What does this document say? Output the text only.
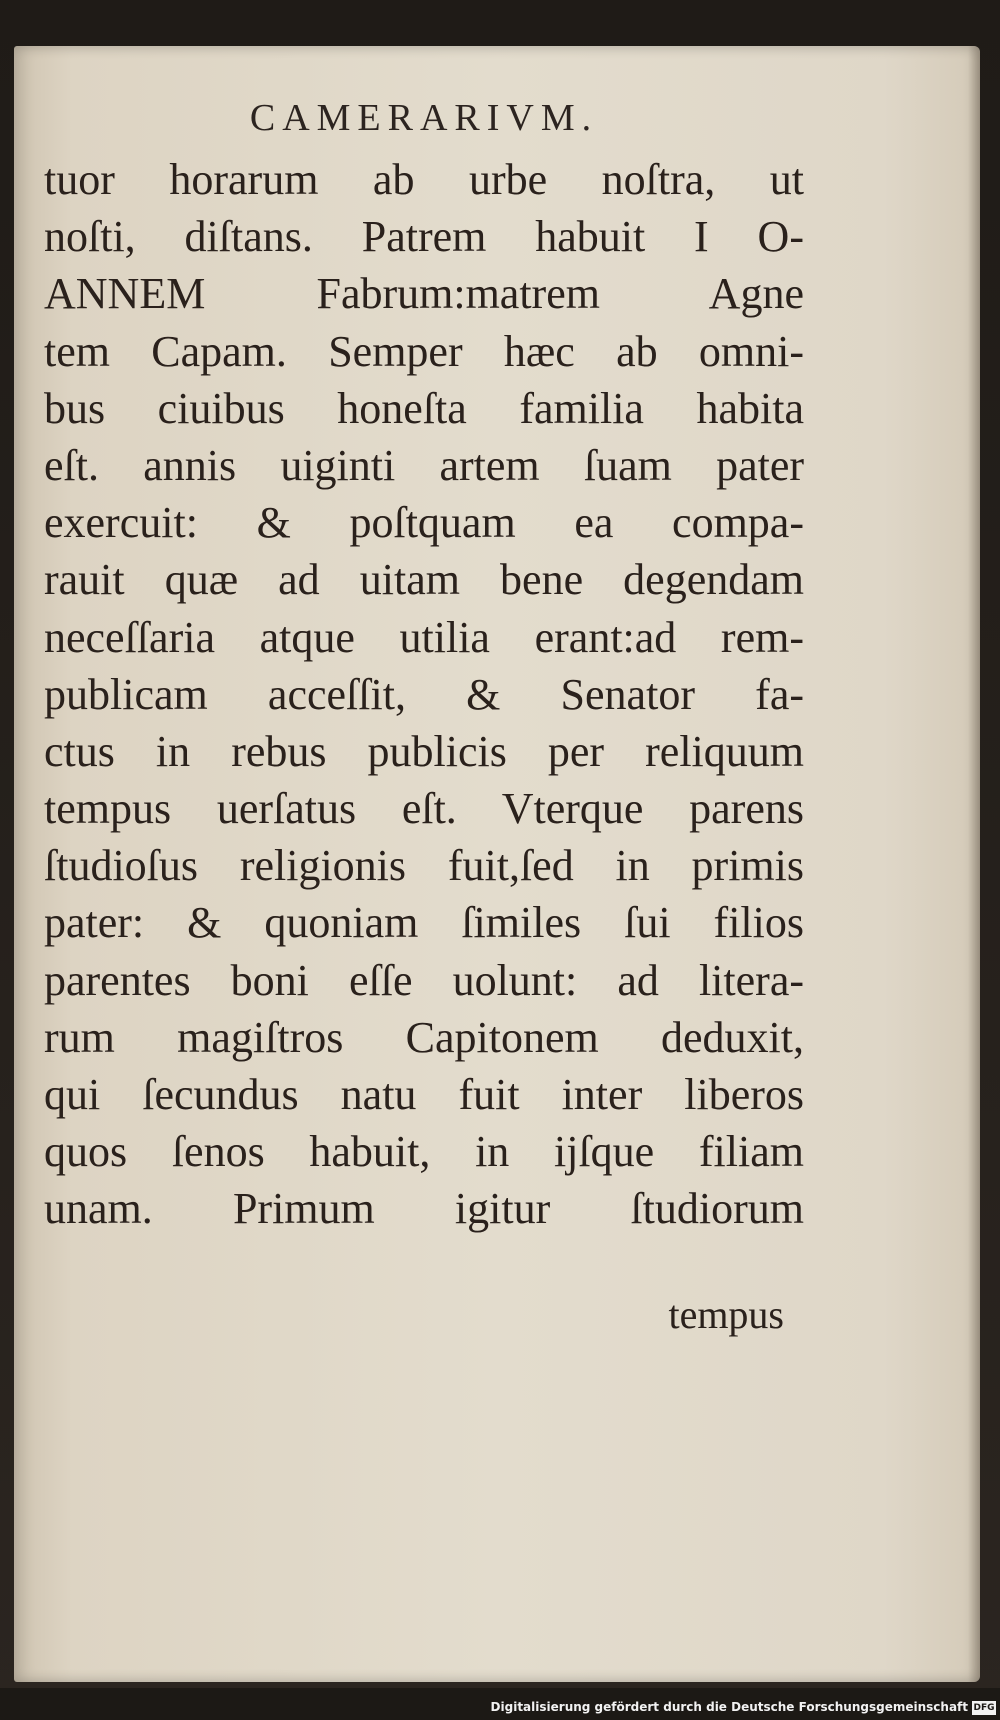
CAMERARIVM.
tuor horarum ab urbe noſtra, ut
noſti, diſtans. Patrem habuit I O-
ANNEM Fabrum:matrem Agne
tem Capam. Semper hæc ab omni-
bus ciuibus honeſta familia habita
eſt. annis uiginti artem ſuam pater
exercuit: & poſtquam ea compa-
rauit quæ ad uitam bene degendam
neceſſaria atque utilia erant:ad rem-
publicam acceſſit, & Senator fa-
ctus in rebus publicis per reliquum
tempus uerſatus eſt. Vterque parens
ſtudioſus religionis fuit,ſed in primis
pater: & quoniam ſimiles ſui filios
parentes boni eſſe uolunt: ad litera-
rum magiſtros Capitonem deduxit,
qui ſecundus natu fuit inter liberos
quos ſenos habuit, in ijſque filiam
unam. Primum igitur ſtudiorum
tempus
Digitalisierung gefördert durch die Deutsche Forschungsgemeinschaft DFG
